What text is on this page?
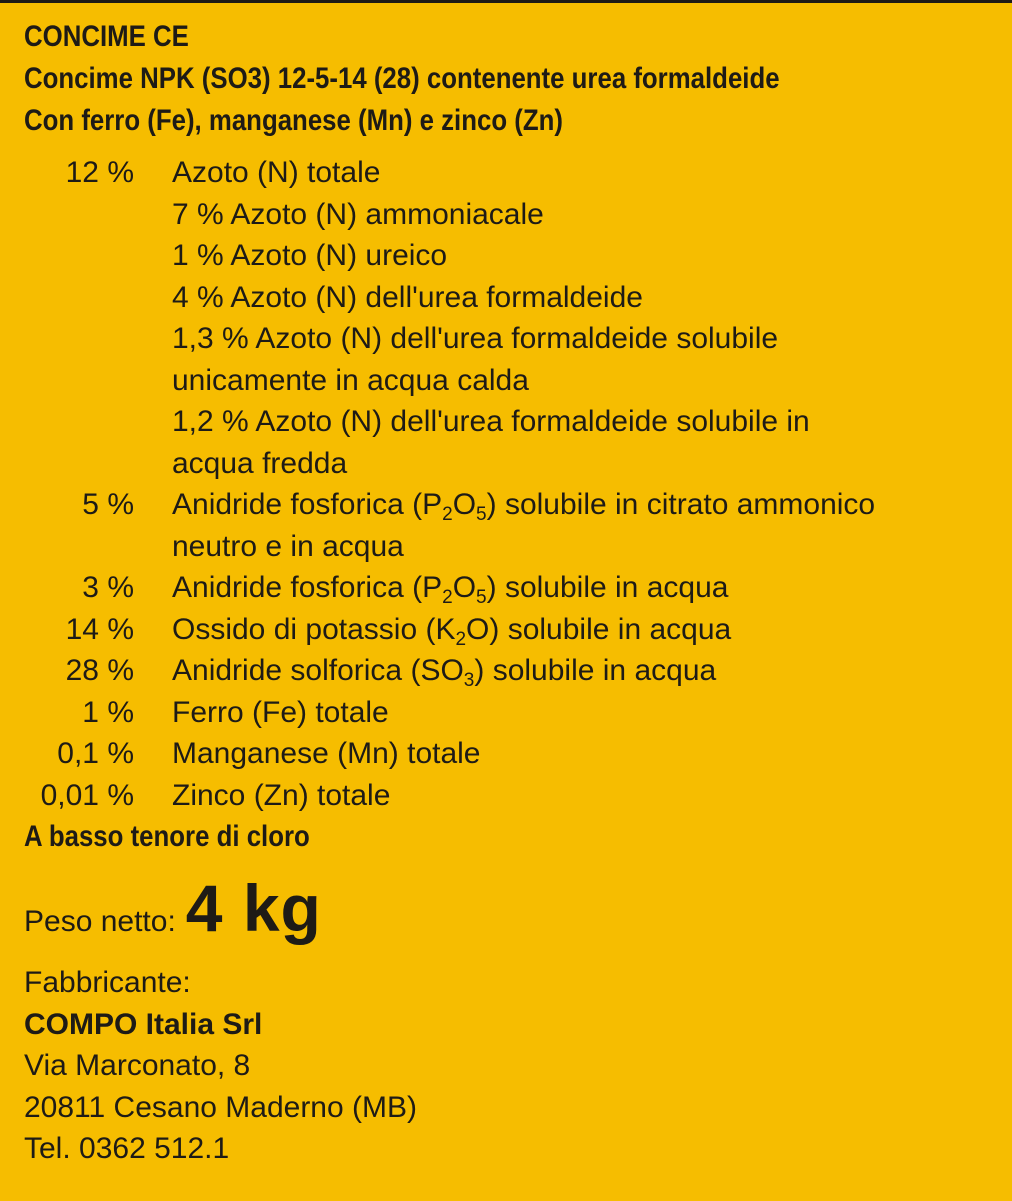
CONCIME CE
Concime NPK (SO3) 12-5-14 (28) contenente urea formaldeide
Con ferro (Fe), manganese (Mn) e zinco (Zn)
12 % Azoto (N) totale
7 % Azoto (N) ammoniacale
1 % Azoto (N) ureico
4 % Azoto (N) dell'urea formaldeide
1,3 % Azoto (N) dell'urea formaldeide solubile
unicamente in acqua calda
1,2 % Azoto (N) dell'urea formaldeide solubile in
acqua fredda
5 % Anidride fosforica $(P_2O_5)$ solubile in citrato ammonico
neutro e in acqua
3 % Anidride fosforica $(P_2O_5)$ solubile in acqua
14 % Ossido di potassio $(K_2O)$ solubile in acqua
28 % Anidride solforica $(SO_3)$ solubile in acqua
1 % Ferro (Fe) totale
0,1 % Manganese (Mn) totale
0,01 % Zinco (Zn) totale
A basso tenore di cloro
Peso netto: 4 kg
Fabbricante:
COMPO Italia Srl
Via Marconato, 8
20811 Cesano Maderno (MB)
Tel. 0362 512.1
